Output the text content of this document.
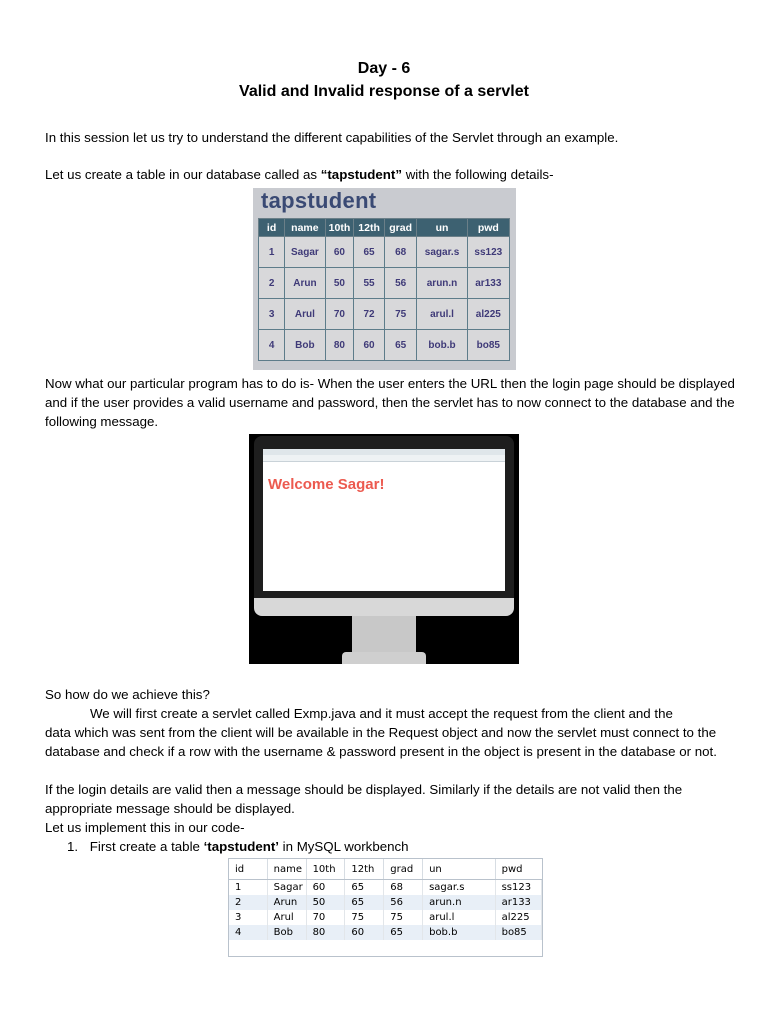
Day - 6
Valid and Invalid response of a servlet

In this session let us try to understand the different capabilities of the Servlet through an example.

Let us create a table in our database called as “tapstudent” with the following details-

tapstudent
id	name	10th	12th	grad	un	pwd
1	Sagar	60	65	68	sagar.s	ss123
2	Arun	50	55	56	arun.n	ar133
3	Arul	70	72	75	arul.l	al225
4	Bob	80	60	65	bob.b	bo85

Now what our particular program has to do is- When the user enters the URL then the login page should be displayed and if the user provides a valid username and password, then the servlet has to now connect to the database and the following message.

Welcome Sagar!

So how do we achieve this?

We will first create a servlet called Exmp.java and it must accept the request from the client and the

data which was sent from the client will be available in the Request object and now the servlet must connect to the database and check if a row with the username & password present in the object is present in the database or not.

If the login details are valid then a message should be displayed. Similarly if the details are not valid then the appropriate message should be displayed.

Let us implement this in our code-

1. First create a table ‘tapstudent’ in MySQL workbench
id	name	10th	12th	grad	un	pwd
1	Sagar	60	65	68	sagar.s	ss123
2	Arun	50	65	56	arun.n	ar133
3	Arul	70	75	75	arul.l	al225
4	Bob	80	60	65	bob.b	bo85
